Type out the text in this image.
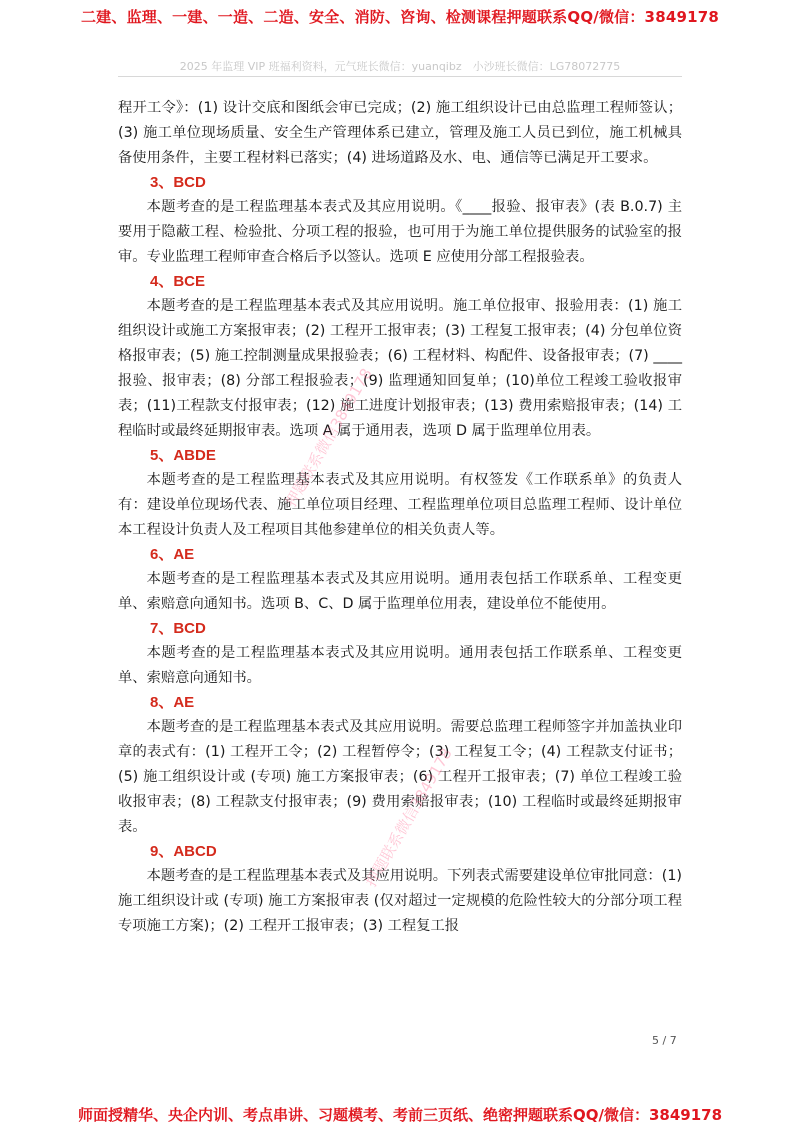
二建、监理、一建、一造、二造、安全、消防、咨询、检测课程押题联系QQ/微信：3849178
2025 年监理 VIP 班福利资料，元气班长微信：yuanqibz　小沙班长微信：LG78072775

程开工令》：(1) 设计交底和图纸会审已完成；(2) 施工组织设计已由总监理工程师签认；(3) 施工单位现场质量、安全生产管理体系已建立，管理及施工人员已到位，施工机械具备使用条件，主要工程材料已落实；(4) 进场道路及水、电、通信等已满足开工要求。

3、BCD

本题考查的是工程监理基本表式及其应用说明。《____报验、报审表》(表 B.0.7) 主要用于隐蔽工程、检验批、分项工程的报验，也可用于为施工单位提供服务的试验室的报审。专业监理工程师审查合格后予以签认。选项 E 应使用分部工程报验表。

4、BCE

本题考查的是工程监理基本表式及其应用说明。施工单位报审、报验用表：(1) 施工组织设计或施工方案报审表；(2) 工程开工报审表；(3) 工程复工报审表；(4) 分包单位资格报审表；(5) 施工控制测量成果报验表；(6) 工程材料、构配件、设备报审表；(7) ____报验、报审表；(8) 分部工程报验表；(9) 监理通知回复单；(10)单位工程竣工验收报审表；(11)工程款支付报审表；(12) 施工进度计划报审表；(13) 费用索赔报审表；(14) 工程临时或最终延期报审表。选项 A 属于通用表，选项 D 属于监理单位用表。

5、ABDE

本题考查的是工程监理基本表式及其应用说明。有权签发《工作联系单》的负责人有：建设单位现场代表、施工单位项目经理、工程监理单位项目总监理工程师、设计单位本工程设计负责人及工程项目其他参建单位的相关负责人等。

6、AE

本题考查的是工程监理基本表式及其应用说明。通用表包括工作联系单、工程变更单、索赔意向通知书。选项 B、C、D 属于监理单位用表，建设单位不能使用。

7、BCD

本题考查的是工程监理基本表式及其应用说明。通用表包括工作联系单、工程变更单、索赔意向通知书。

8、AE

本题考查的是工程监理基本表式及其应用说明。需要总监理工程师签字并加盖执业印章的表式有：(1) 工程开工令；(2) 工程暂停令；(3) 工程复工令；(4) 工程款支付证书；(5) 施工组织设计或 (专项) 施工方案报审表；(6) 工程开工报审表；(7) 单位工程竣工验收报审表；(8) 工程款支付报审表；(9) 费用索赔报审表；(10) 工程临时或最终延期报审表。

9、ABCD

本题考查的是工程监理基本表式及其应用说明。下列表式需要建设单位审批同意：(1) 施工组织设计或 (专项) 施工方案报审表 (仅对超过一定规模的危险性较大的分部分项工程专项施工方案)；(2) 工程开工报审表；(3) 工程复工报

押题联系微信3849178
押题联系微信3849178
5 / 7
师面授精华、央企内训、考点串讲、习题模考、考前三页纸、绝密押题联系QQ/微信：3849178
